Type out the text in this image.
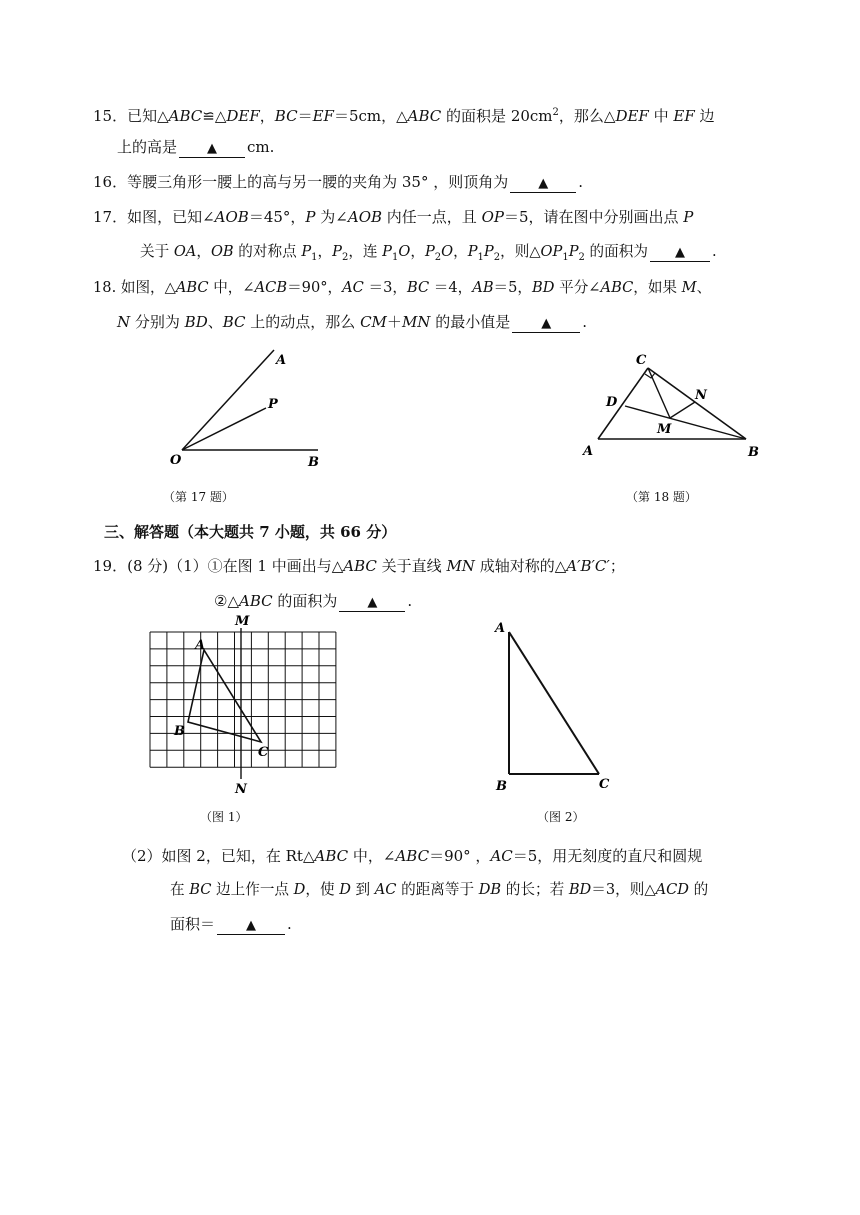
15．已知△ABC≌△DEF，BC＝EF＝5cm，△ABC 的面积是 $20cm^2$，那么△DEF 中 EF 边
上的高是 ▲ cm.
16．等腰三角形一腰上的高与另一腰的夹角为 35° ，则顶角为 ▲ .
17．如图，已知∠AOB＝45°，P 为∠AOB 内任一点，且 OP＝5，请在图中分别画出点 P
关于 OA，OB 的对称点 $P_1$，$P_2$，连 $P_1O$，$P_2O$，$P_1P_2$，则$\triangle OP_1P_2$ 的面积为 ▲ .
18. 如图，△ABC 中，∠ACB＝90°，AC ＝3，BC ＝4，AB＝5，BD 平分∠ABC，如果 M、
N 分别为 BD、BC 上的动点，那么 CM＋MN 的最小值是 ▲ .
A
P
O	B
（第 17 题）
C
N
D
M
A	B
（第 18 题）
三、解答题（本大题共 7 小题，共 66 分）
19．(8 分)（1）①在图 1 中画出与△ABC 关于直线 MN 成轴对称的△A′B′C′；
②△ABC 的面积为 ▲ .
M
N
A
B
C
（图 1）
A
B	C
（图 2）
（2）如图 2，已知，在 Rt△ABC 中，∠ABC＝90° ，AC＝5，用无刻度的直尺和圆规
在 BC 边上作一点 D，使 D 到 AC 的距离等于 DB 的长；若 BD＝3，则△ACD 的
面积＝ ▲ .
